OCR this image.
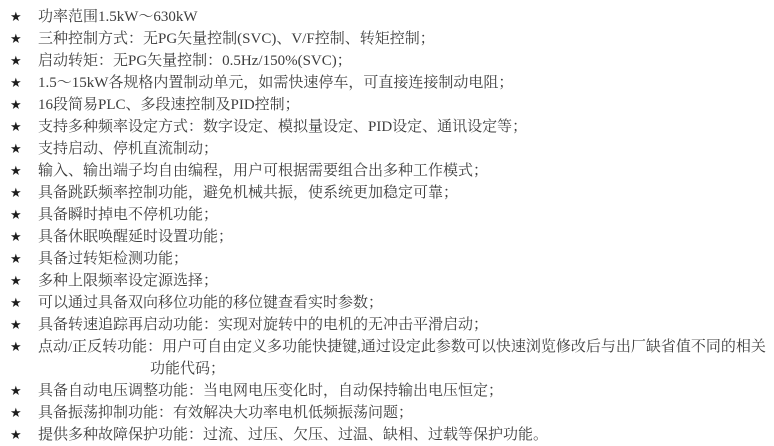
★	功率范围1.5kW～630kW
★	三种控制方式：无PG矢量控制(SVC)、V/F控制、转矩控制；
★	启动转矩：无PG矢量控制：0.5Hz/150%(SVC)；
★	1.5～15kW各规格内置制动单元，如需快速停车，可直接连接制动电阻；
★	16段简易PLC、多段速控制及PID控制；
★	支持多种频率设定方式：数字设定、模拟量设定、PID设定、通讯设定等；
★	支持启动、停机直流制动；
★	输入、输出端子均自由编程，用户可根据需要组合出多种工作模式；
★	具备跳跃频率控制功能，避免机械共振，使系统更加稳定可靠；
★	具备瞬时掉电不停机功能；
★	具备休眠唤醒延时设置功能；
★	具备过转矩检测功能；
★	多种上限频率设定源选择；
★	可以通过具备双向移位功能的移位键查看实时参数；
★	具备转速追踪再启动功能：实现对旋转中的电机的无冲击平滑启动；
★	点动/正反转功能：用户可自由定义多功能快捷键,通过设定此参数可以快速浏览修改后与出厂缺省值不同的相关
功能代码；
★	具备自动电压调整功能：当电网电压变化时，自动保持输出电压恒定；
★	具备振荡抑制功能：有效解决大功率电机低频振荡问题；
★	提供多种故障保护功能：过流、过压、欠压、过温、缺相、过载等保护功能。
